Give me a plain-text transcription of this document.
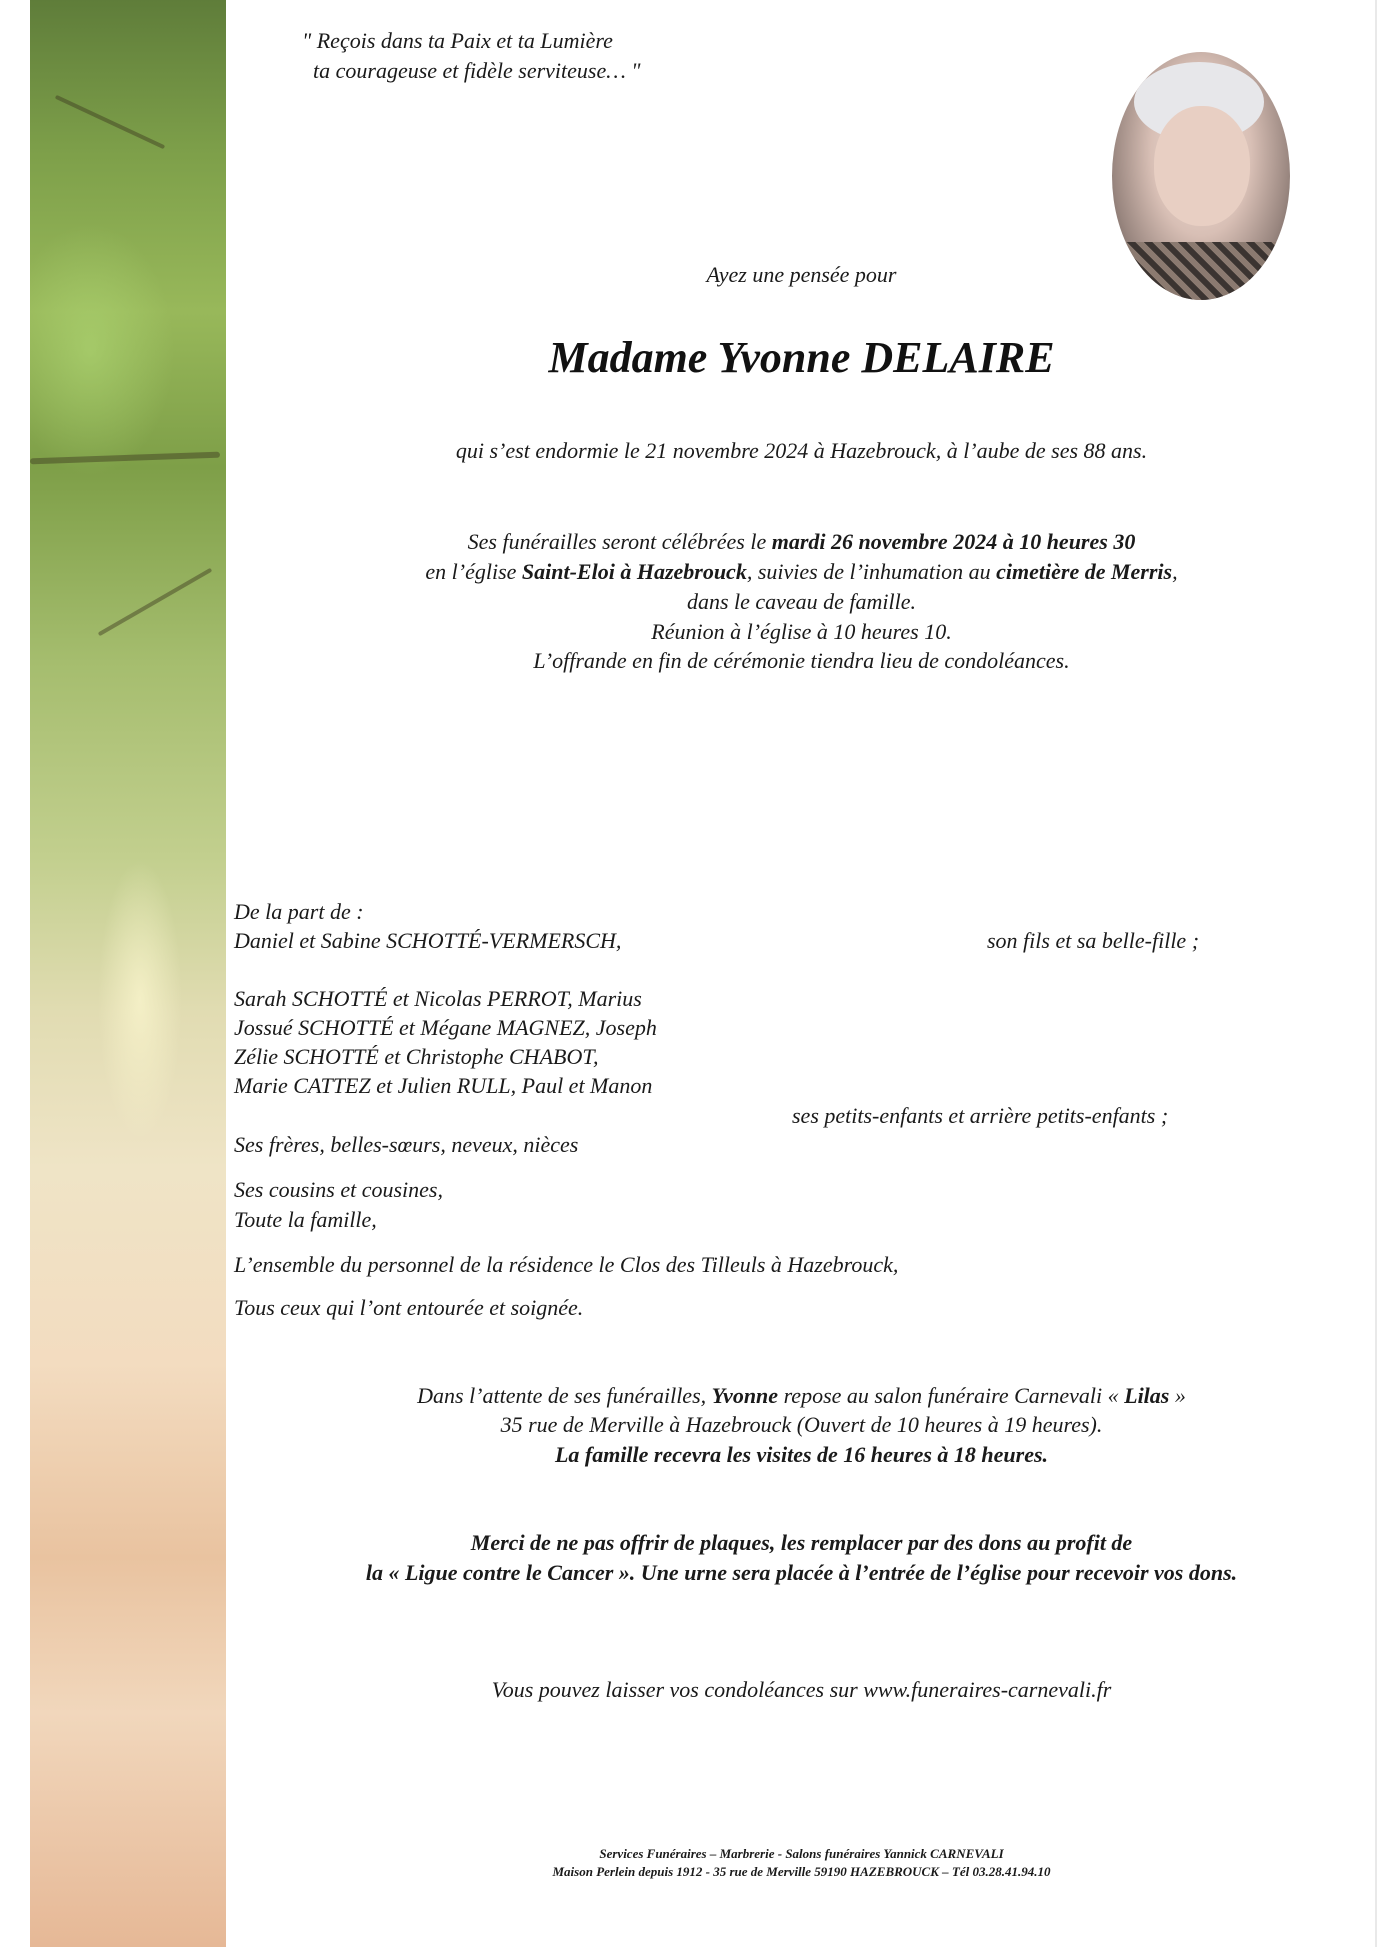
" Reçois dans ta Paix et ta Lumière
ta courageuse et fidèle serviteuse… "
Ayez une pensée pour
Madame Yvonne DELAIRE
qui s’est endormie le 21 novembre 2024 à Hazebrouck, à l’aube de ses 88 ans.
Ses funérailles seront célébrées le mardi 26 novembre 2024 à 10 heures 30
en l’église Saint-Eloi à Hazebrouck, suivies de l’inhumation au cimetière de Merris,
dans le caveau de famille.
Réunion à l’église à 10 heures 10.
L’offrande en fin de cérémonie tiendra lieu de condoléances.
De la part de :
Daniel et Sabine SCHOTTÉ-VERMERSCH,	son fils et sa belle-fille ;
Sarah SCHOTTÉ et Nicolas PERROT, Marius
Jossué SCHOTTÉ et Mégane MAGNEZ, Joseph
Zélie SCHOTTÉ et Christophe CHABOT,
Marie CATTEZ et Julien RULL, Paul et Manon
ses petits-enfants et arrière petits-enfants ;
Ses frères, belles-sœurs, neveux, nièces
Ses cousins et cousines,
Toute la famille,
L’ensemble du personnel de la résidence le Clos des Tilleuls à Hazebrouck,
Tous ceux qui l’ont entourée et soignée.
Dans l’attente de ses funérailles, Yvonne repose au salon funéraire Carnevali « Lilas »
35 rue de Merville à Hazebrouck (Ouvert de 10 heures à 19 heures).
La famille recevra les visites de 16 heures à 18 heures.
Merci de ne pas offrir de plaques, les remplacer par des dons au profit de
la « Ligue contre le Cancer ». Une urne sera placée à l’entrée de l’église pour recevoir vos dons.
Vous pouvez laisser vos condoléances sur www.funeraires-carnevali.fr
Services Funéraires – Marbrerie - Salons funéraires Yannick CARNEVALI
Maison Perlein depuis 1912 - 35 rue de Merville 59190 HAZEBROUCK – Tél 03.28.41.94.10
